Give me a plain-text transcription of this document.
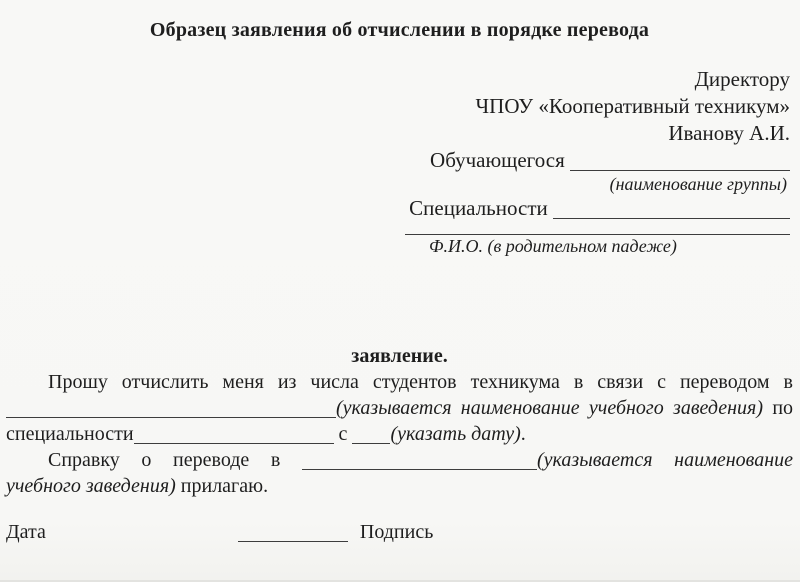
Образец заявления об отчислении в порядке перевода
Директору
ЧПОУ «Кооперативный техникум»
Иванову А.И.
Обучающегося
(наименование группы)
Специальности
Ф.И.О. (в родительном падеже)
заявление.
Прошу отчислить меня из числа студентов техникума в связи с переводом в
(указывается наименование учебного заведения) по
специальности	с (указать дату).
Справку о переводе в	(указывается наименование
учебного заведения) прилагаю.
Дата	Подпись
